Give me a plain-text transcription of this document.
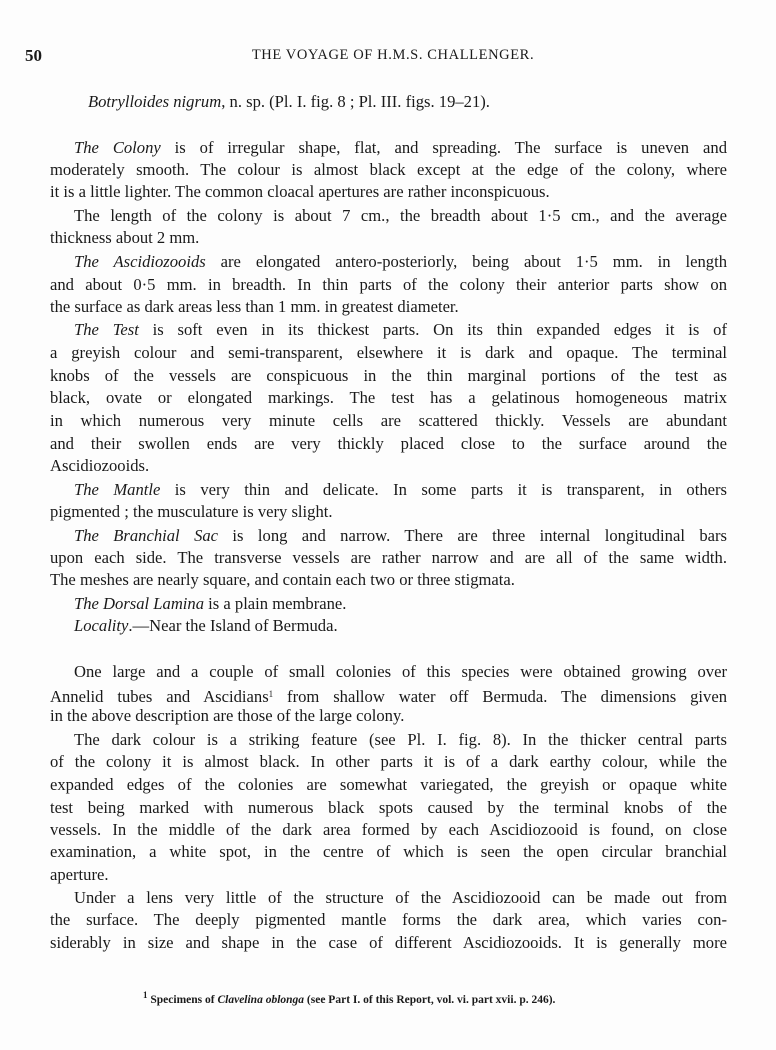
50	THE VOYAGE OF H.M.S. CHALLENGER.
Botrylloides nigrum, n. sp. (Pl. I. fig. 8 ; Pl. III. figs. 19–21).
The Colony is of irregular shape, flat, and spreading. The surface is uneven and
moderately smooth. The colour is almost black except at the edge of the colony, where
it is a little lighter. The common cloacal apertures are rather inconspicuous.
The length of the colony is about 7 cm., the breadth about 1·5 cm., and the average
thickness about 2 mm.
The Ascidiozooids are elongated antero-posteriorly, being about 1·5 mm. in length
and about 0·5 mm. in breadth. In thin parts of the colony their anterior parts show on
the surface as dark areas less than 1 mm. in greatest diameter.
The Test is soft even in its thickest parts. On its thin expanded edges it is of
a greyish colour and semi-transparent, elsewhere it is dark and opaque. The terminal
knobs of the vessels are conspicuous in the thin marginal portions of the test as
black, ovate or elongated markings. The test has a gelatinous homogeneous matrix
in which numerous very minute cells are scattered thickly. Vessels are abundant
and their swollen ends are very thickly placed close to the surface around the
Ascidiozooids.
The Mantle is very thin and delicate. In some parts it is transparent, in others
pigmented ; the musculature is very slight.
The Branchial Sac is long and narrow. There are three internal longitudinal bars
upon each side. The transverse vessels are rather narrow and are all of the same width.
The meshes are nearly square, and contain each two or three stigmata.
The Dorsal Lamina is a plain membrane.
Locality.—Near the Island of Bermuda.
One large and a couple of small colonies of this species were obtained growing over
Annelid tubes and Ascidians$^1$ from shallow water off Bermuda. The dimensions given
in the above description are those of the large colony.
The dark colour is a striking feature (see Pl. I. fig. 8). In the thicker central parts
of the colony it is almost black. In other parts it is of a dark earthy colour, while the
expanded edges of the colonies are somewhat variegated, the greyish or opaque white
test being marked with numerous black spots caused by the terminal knobs of the
vessels. In the middle of the dark area formed by each Ascidiozooid is found, on close
examination, a white spot, in the centre of which is seen the open circular branchial
aperture.
Under a lens very little of the structure of the Ascidiozooid can be made out from
the surface. The deeply pigmented mantle forms the dark area, which varies con-
siderably in size and shape in the case of different Ascidiozooids. It is generally more
$^1$ Specimens of Clavelina oblonga (see Part I. of this Report, vol. vi. part xvii. p. 246).
